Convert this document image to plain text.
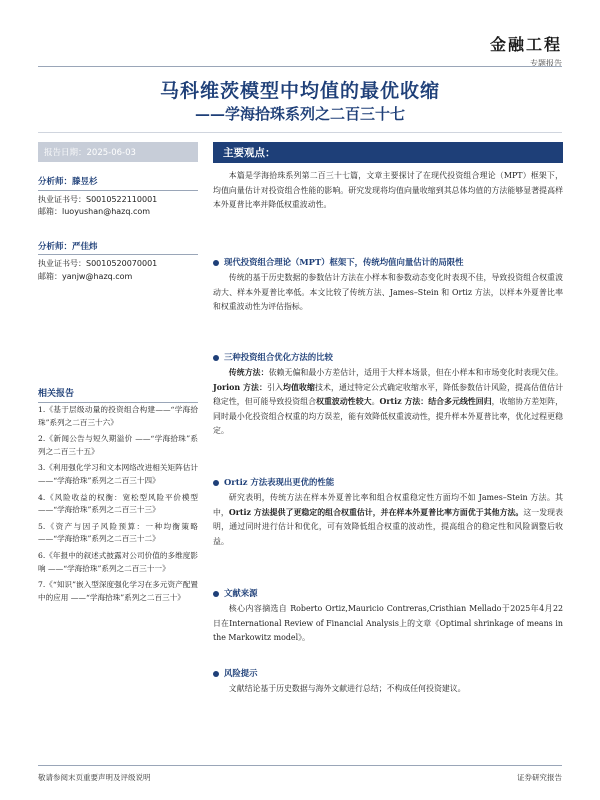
金融工程
专题报告
马科维茨模型中均值的最优收缩
——学海拾珠系列之二百三十七
报告日期：2025-06-03
分析师：滕昱杉
执业证书号：S0010522110001
邮箱：luoyushan@hazq.com
分析师：严佳炜
执业证书号：S0010520070001
邮箱：yanjw@hazq.com
相关报告
1.《基于层级动量的投资组合构建——“学海拾珠”系列之二百三十六》
2.《新闻公告与短久期溢价 ——“学海拾珠”系列之二百三十五》
3.《利用强化学习和文本网络改进相关矩阵估计 ——“学海拾珠”系列之二百三十四》
4.《风险收益的权衡：宽松型风险平价模型 ——“学海拾珠”系列之二百三十三》
5.《资产与因子风险预算：一种均衡策略 ——“学海拾珠”系列之二百三十二》
6.《年报中的叙述式披露对公司价值的多维度影响 ——“学海拾珠”系列之二百三十一》
7.《“知识”嵌入型深度强化学习在多元资产配置中的应用 ——“学海拾珠”系列之二百三十》
主要观点：
本篇是学海拾珠系列第二百三十七篇，文章主要探讨了在现代投资组合理论（MPT）框架下，均值向量估计对投资组合性能的影响。研究发现将均值向量收缩到其总体均值的方法能够显著提高样本外夏普比率并降低权重波动性。
现代投资组合理论（MPT）框架下，传统均值向量估计的局限性
传统的基于历史数据的参数估计方法在小样本和参数动态变化时表现不佳，导致投资组合权重波动大、样本外夏普比率低。本文比较了传统方法、James–Stein 和 Ortiz 方法，以样本外夏普比率和权重波动性为评估指标。
三种投资组合优化方法的比较
传统方法：依赖无偏和最小方差估计，适用于大样本场景，但在小样本和市场变化时表现欠佳。Jorion 方法：引入均值收缩技术，通过特定公式确定收缩水平，降低参数估计风险，提高估值估计稳定性，但可能导致投资组合权重波动性较大。Ortiz 方法：结合多元线性回归，收缩协方差矩阵，同时最小化投资组合权重的均方误差，能有效降低权重波动性，提升样本外夏普比率，优化过程更稳定。
Ortiz 方法表现出更优的性能
研究表明，传统方法在样本外夏普比率和组合权重稳定性方面均不如 James–Stein 方法。其中，Ortiz 方法提供了更稳定的组合权重估计，并在样本外夏普比率方面优于其他方法。这一发现表明，通过同时进行估计和优化，可有效降低组合权重的波动性，提高组合的稳定性和风险调整后收益。
文献来源
核心内容摘选自 Roberto Ortiz,Mauricio Contreras,Cristhian Mellado于2025年4月22日在International Review of Financial Analysis上的文章《Optimal shrinkage of means in the Markowitz model》。
风险提示
文献结论基于历史数据与海外文献进行总结；不构成任何投资建议。
敬请参阅末页重要声明及评级说明	证券研究报告
